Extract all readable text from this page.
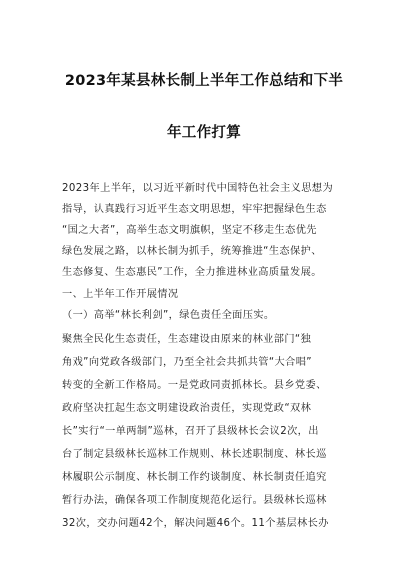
2023年某县林长制上半年工作总结和下半
年工作打算
2023年上半年，以习近平新时代中国特色社会主义思想为
指导，认真践行习近平生态文明思想，牢牢把握绿色生态
“国之大者”，高举生态文明旗帜，坚定不移走生态优先
绿色发展之路，以林长制为抓手，统筹推进“生态保护、
生态修复、生态惠民”工作，全力推进林业高质量发展。
一、上半年工作开展情况
（一）高举“林长利剑”，绿色责任全面压实。
聚焦全民化生态责任，生态建设由原来的林业部门“独
角戏”向党政各级部门，乃至全社会共抓共管“大合唱”
转变的全新工作格局。一是党政同责抓林长。县乡党委、
政府坚决扛起生态文明建设政治责任，实现党政“双林
长”实行“一单两制”巡林，召开了县级林长会议2次，出
台了制定县级林长巡林工作规则、林长述职制度、林长巡
林履职公示制度、林长制工作约谈制度、林长制责任追究
暂行办法，确保各项工作制度规范化运行。县级林长巡林
32次，交办问题42个，解决问题46个。11个基层林长办
